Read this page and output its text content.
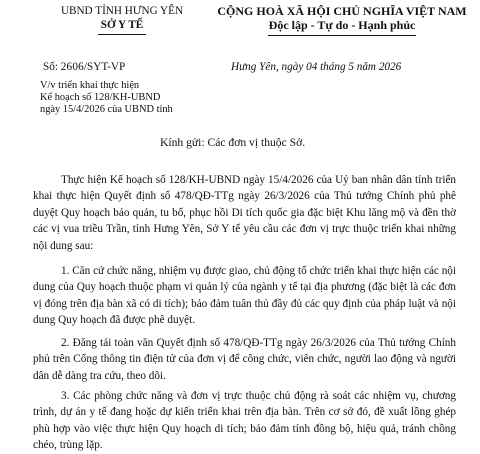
UBND TỈNH HƯNG YÊN
SỞ Y TẾ
CỘNG HOÀ XÃ HỘI CHỦ NGHĨA VIỆT NAM
Độc lập - Tự do - Hạnh phúc
Số: 2606/SYT-VP	Hưng Yên, ngày 04 tháng 5 năm 2026
V/v triển khai thực hiện
Kế hoạch số 128/KH-UBND
ngày 15/4/2026 của UBND tỉnh
Kính gửi: Các đơn vị thuộc Sở.
Thực hiện Kế hoạch số 128/KH-UBND ngày 15/4/2026 của Uỷ ban nhân dân tỉnh triển khai thực hiện Quyết định số 478/QĐ-TTg ngày 26/3/2026 của Thủ tướng Chính phủ phê duyệt Quy hoạch bảo quản, tu bổ, phục hồi Di tích quốc gia đặc biệt Khu lăng mộ và đền thờ các vị vua triều Trần, tỉnh Hưng Yên, Sở Y tế yêu cầu các đơn vị trực thuộc triển khai những nội dung sau:
1. Căn cứ chức năng, nhiệm vụ được giao, chủ động tổ chức triển khai thực hiện các nội dung của Quy hoạch thuộc phạm vi quản lý của ngành y tế tại địa phương (đặc biệt là các đơn vị đóng trên địa bàn xã có di tích); bảo đảm tuân thủ đầy đủ các quy định của pháp luật và nội dung Quy hoạch đã được phê duyệt.
2. Đăng tải toàn văn Quyết định số 478/QĐ-TTg ngày 26/3/2026 của Thủ tướng Chính phủ trên Cổng thông tin điện tử của đơn vị để công chức, viên chức, người lao động và người dân dễ dàng tra cứu, theo dõi.
3. Các phòng chức năng và đơn vị trực thuộc chủ động rà soát các nhiệm vụ, chương trình, dự án y tế đang hoặc dự kiến triển khai trên địa bàn. Trên cơ sở đó, đề xuất lồng ghép phù hợp vào việc thực hiện Quy hoạch di tích; bảo đảm tính đồng bộ, hiệu quả, tránh chồng chéo, trùng lặp.
